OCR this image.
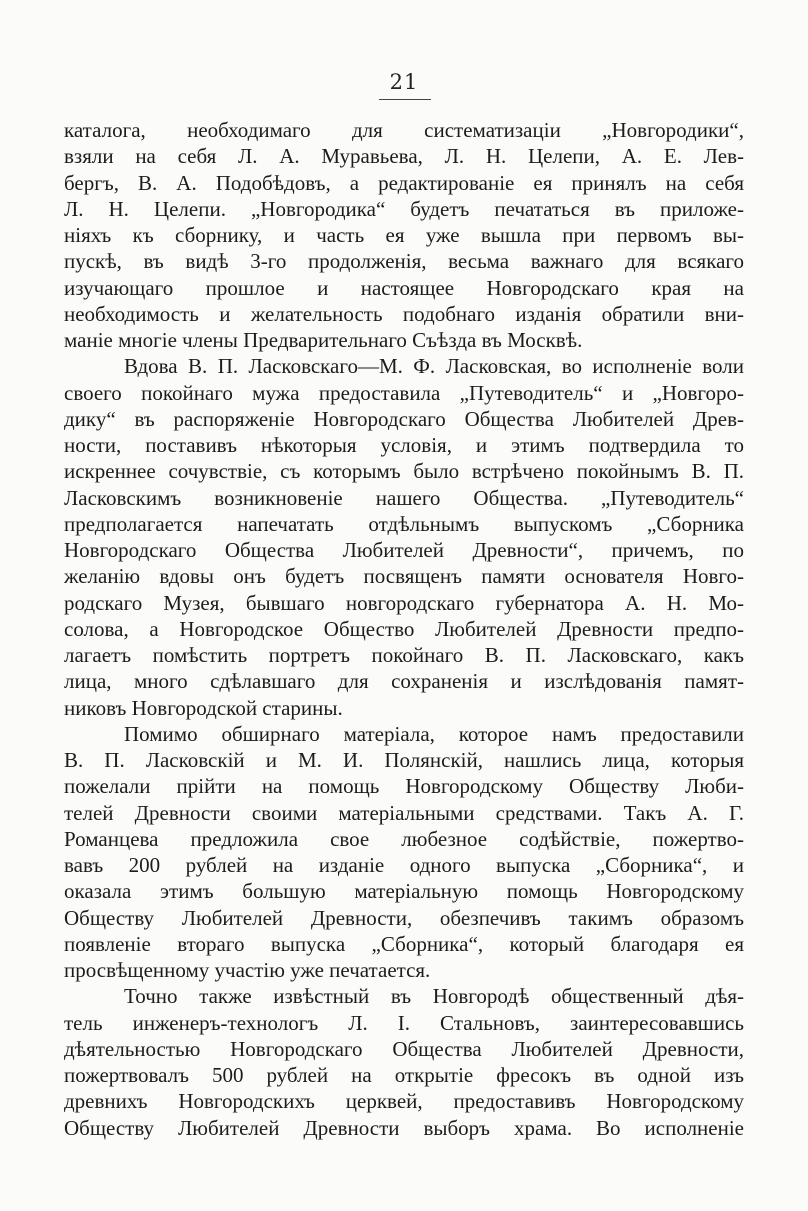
21
каталога, необходимаго для систематизаціи „Новгородики“,
взяли на себя Л. А. Муравьева, Л. Н. Целепи, А. Е. Лев-
бергъ, В. А. Подобѣдовъ, а редактированіе ея принялъ на себя
Л. Н. Целепи. „Новгородика“ будетъ печататься въ приложе-
ніяхъ къ сборнику, и часть ея уже вышла при первомъ вы-
пускѣ, въ видѣ 3-го продолженія, весьма важнаго для всякаго
изучающаго прошлое и настоящее Новгородскаго края на
необходимость и желательность подобнаго изданія обратили вни-
маніе многіе члены Предварительнаго Съѣзда въ Москвѣ.
Вдова В. П. Ласковскаго—М. Ф. Ласковская, во исполненіе воли
своего покойнаго мужа предоставила „Путеводитель“ и „Новгоро-
дику“ въ распоряженіе Новгородскаго Общества Любителей Древ-
ности, поставивъ нѣкоторыя условія, и этимъ подтвердила то
искреннее сочувствіе, съ которымъ было встрѣчено покойнымъ В. П.
Ласковскимъ возникновеніе нашего Общества. „Путеводитель“
предполагается напечатать отдѣльнымъ выпускомъ „Сборника
Новгородскаго Общества Любителей Древности“, причемъ, по
желанію вдовы онъ будетъ посвященъ памяти основателя Новго-
родскаго Музея, бывшаго новгородскаго губернатора А. Н. Мо-
солова, а Новгородское Общество Любителей Древности предпо-
лагаетъ помѣстить портретъ покойнаго В. П. Ласковскаго, какъ
лица, много сдѣлавшаго для сохраненія и изслѣдованія памят-
никовъ Новгородской старины.
Помимо обширнаго матеріала, которое намъ предоставили
В. П. Ласковскій и М. И. Полянскій, нашлись лица, которыя
пожелали прійти на помощь Новгородскому Обществу Люби-
телей Древности своими матеріальными средствами. Такъ А. Г.
Романцева предложила свое любезное содѣйствіе, пожертво-
вавъ 200 рублей на изданіе одного выпуска „Сборника“, и
оказала этимъ большую матеріальную помощь Новгородскому
Обществу Любителей Древности, обезпечивъ такимъ образомъ
появленіе втораго выпуска „Сборника“, который благодаря ея
просвѣщенному участію уже печатается.
Точно также извѣстный въ Новгородѣ общественный дѣя-
тель инженеръ-технологъ Л. І. Стальновъ, заинтересовавшись
дѣятельностью Новгородскаго Общества Любителей Древности,
пожертвовалъ 500 рублей на открытіе фресокъ въ одной изъ
древнихъ Новгородскихъ церквей, предоставивъ Новгородскому
Обществу Любителей Древности выборъ храма. Во исполненіе
